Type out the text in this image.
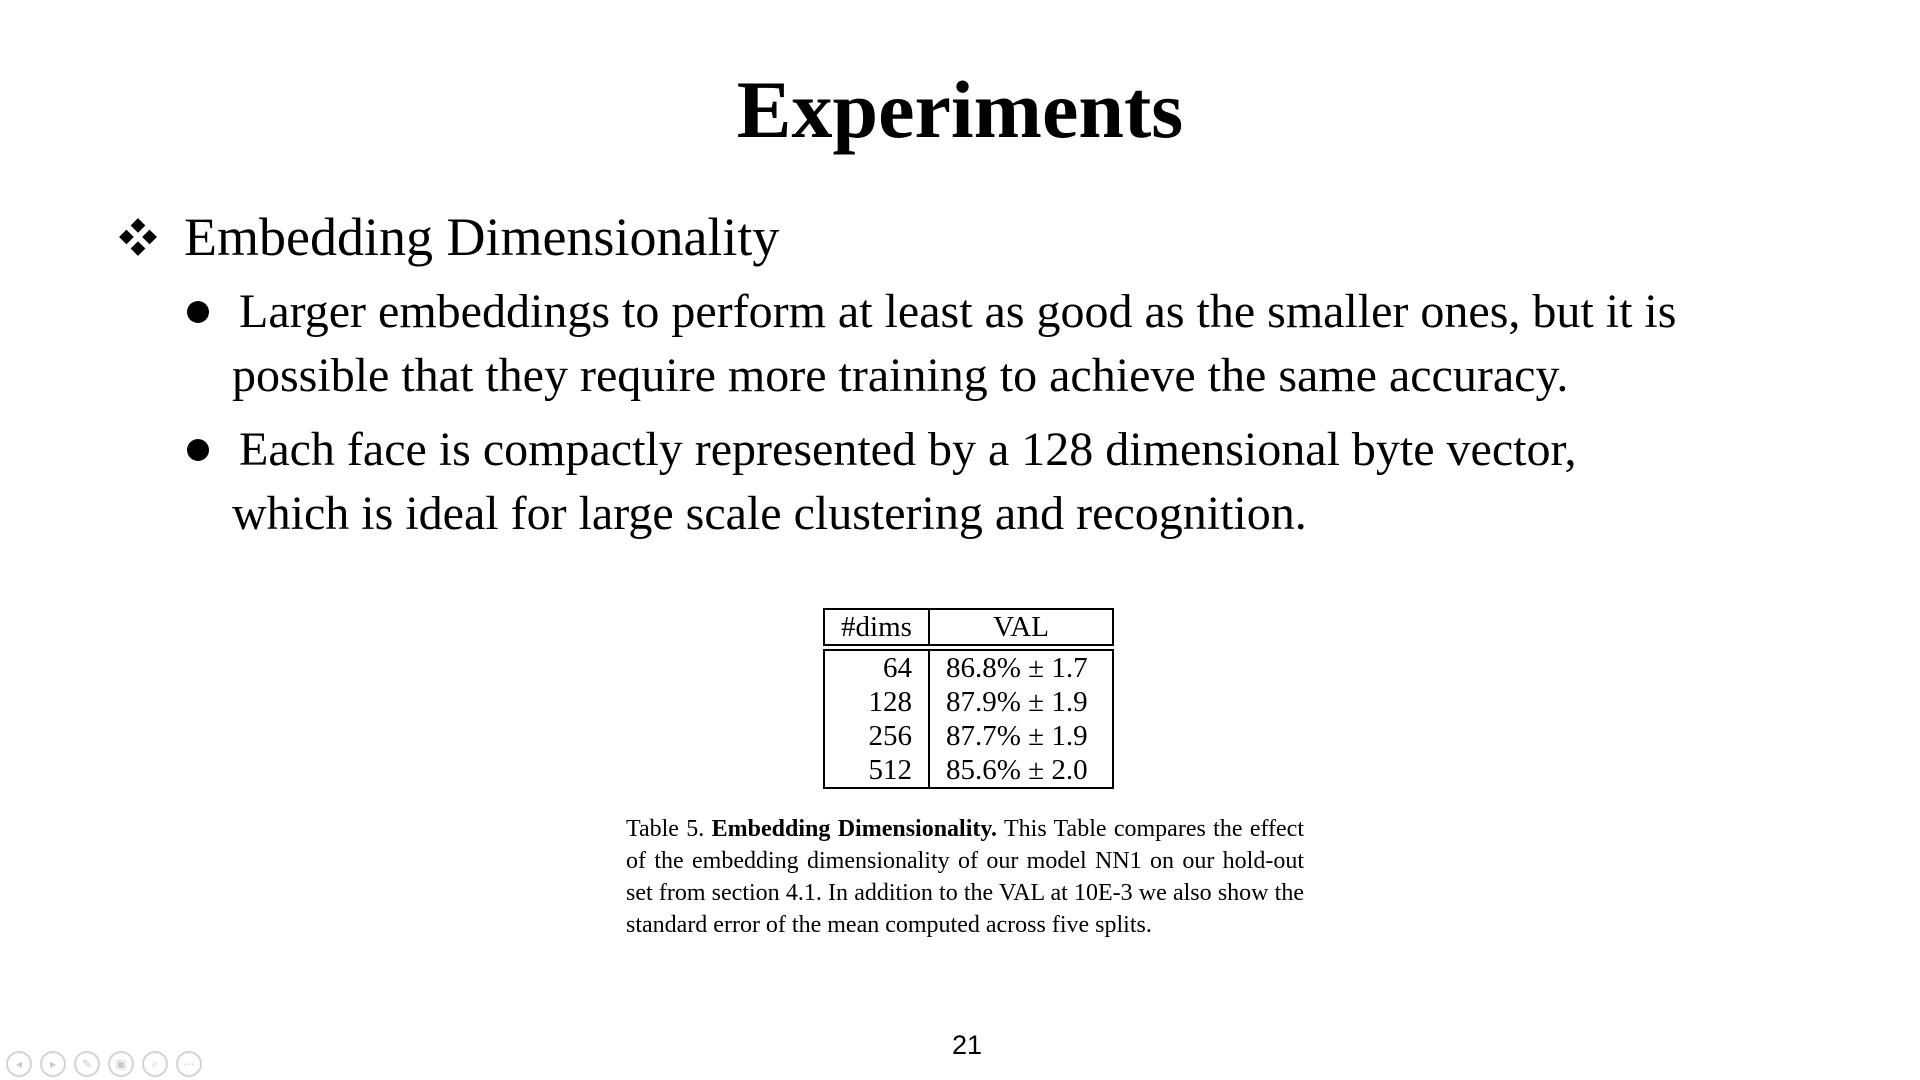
Experiments
Embedding Dimensionality
Larger embeddings to perform at least as good as the smaller ones, but it is
possible that they require more training to achieve the same accuracy.
Each face is compactly represented by a 128 dimensional byte vector,
which is ideal for large scale clustering and recognition.
#dims	VAL

64	86.8% ± 1.7
128	87.9% ± 1.9
256	87.7% ± 1.9
512	85.6% ± 2.0
Table 5. Embedding Dimensionality. This Table compares the effect of the embedding dimensionality of our model NN1 on our hold-out set from section 4.1. In addition to the VAL at 10E-3 we also show the standard error of the mean computed across five splits.
21
◂	▸	✎	▣	⌕	⋯
